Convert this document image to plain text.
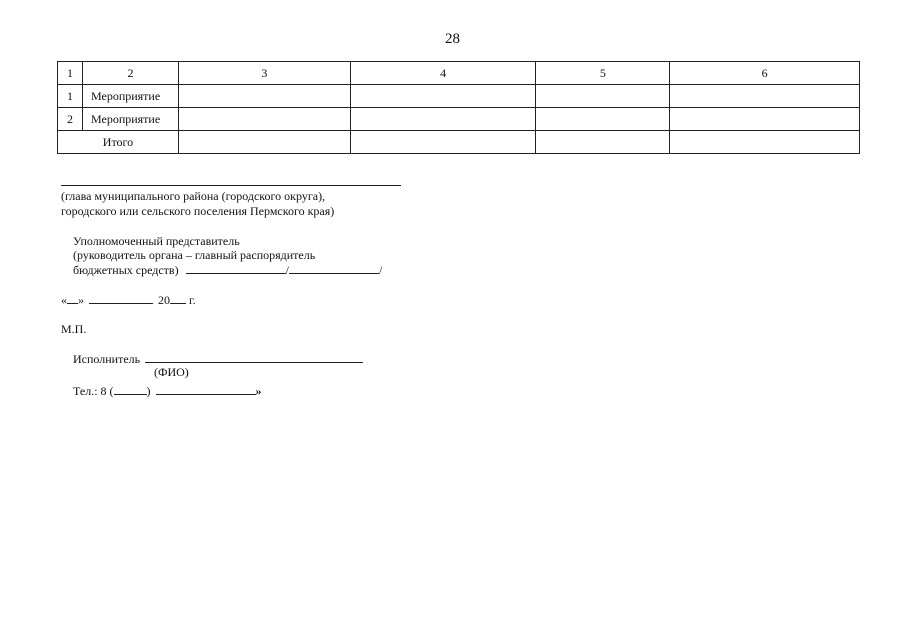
28
1	2	3	4	5	6
1	Мероприятие				
2	Мероприятие				
Итого					
(глава муниципального района (городского округа),
городского или сельского поселения Пермского края)
Уполномоченный представитель
(руководитель органа – главный распорядитель
бюджетных средств)	/	/
« »	20 г.
М.П.
Исполнитель
(ФИО)
Тел.: 8 (	)	»
